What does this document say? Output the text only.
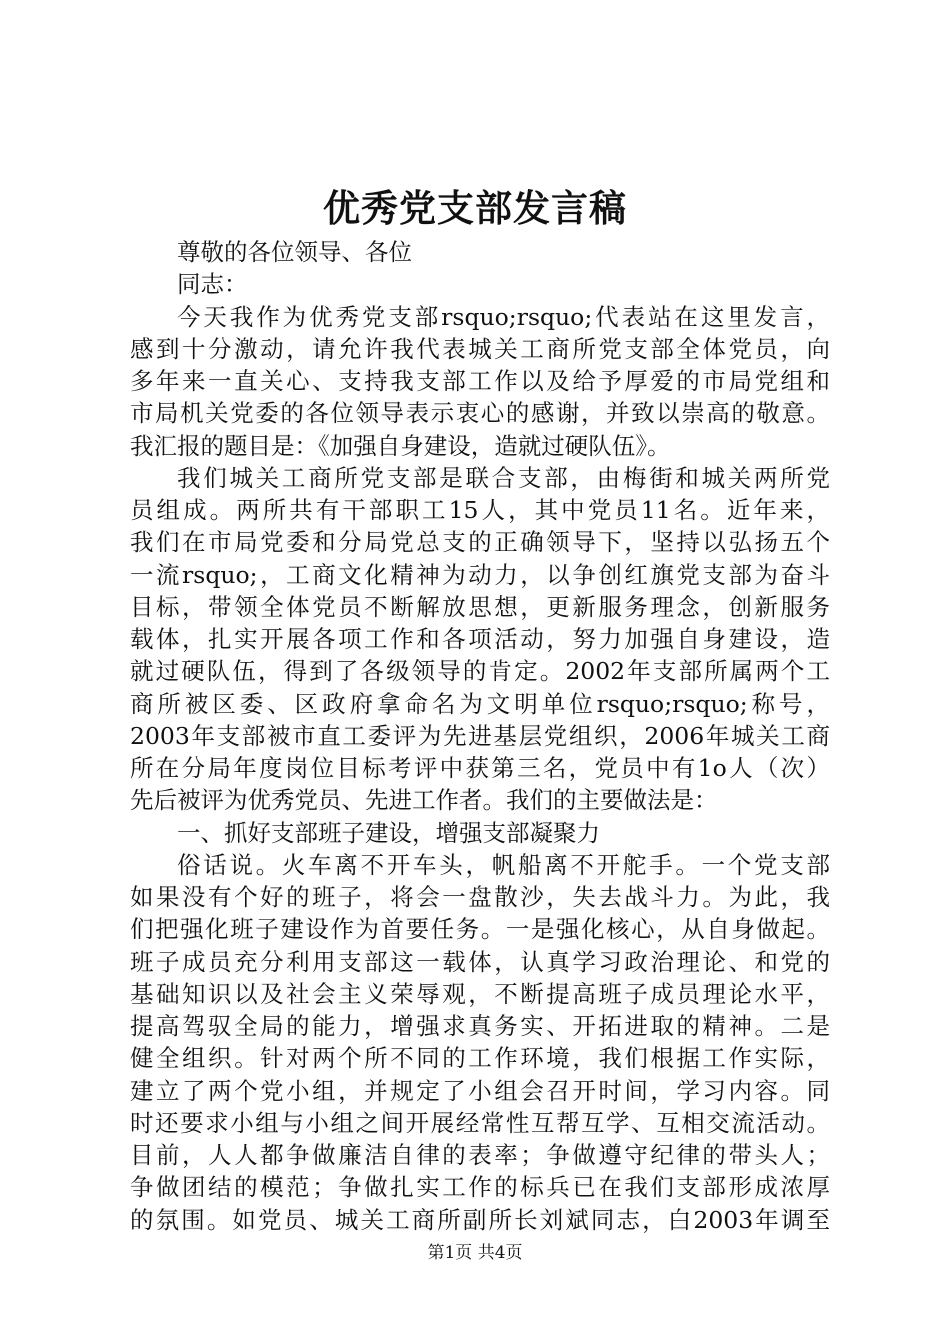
优秀党支部发言稿
尊敬的各位领导、各位
同志：
今天我作为优秀党支部rsquo;rsquo;代表站在这里发言，
感到十分激动，请允许我代表城关工商所党支部全体党员，向
多年来一直关心、支持我支部工作以及给予厚爱的市局党组和
市局机关党委的各位领导表示衷心的感谢，并致以崇高的敬意。
我汇报的题目是：《加强自身建设，造就过硬队伍》。
我们城关工商所党支部是联合支部，由梅街和城关两所党
员组成。两所共有干部职工15人，其中党员11名。近年来，
我们在市局党委和分局党总支的正确领导下，坚持以弘扬五个
一流rsquo;，工商文化精神为动力，以争创红旗党支部为奋斗
目标，带领全体党员不断解放思想，更新服务理念，创新服务
载体，扎实开展各项工作和各项活动，努力加强自身建设，造
就过硬队伍，得到了各级领导的肯定。2002年支部所属两个工
商所被区委、区政府拿命名为文明单位rsquo;rsquo;称号，
2003年支部被市直工委评为先进基层党组织，2006年城关工商
所在分局年度岗位目标考评中获第三名，党员中有1o人（次）
先后被评为优秀党员、先进工作者。我们的主要做法是：
一、抓好支部班子建设，增强支部凝聚力
俗话说。火车离不开车头，帆船离不开舵手。一个党支部
如果没有个好的班子，将会一盘散沙，失去战斗力。为此，我
们把强化班子建设作为首要任务。一是强化核心，从自身做起。
班子成员充分利用支部这一载体，认真学习政治理论、和党的
基础知识以及社会主义荣辱观，不断提高班子成员理论水平，
提高驾驭全局的能力，增强求真务实、开拓进取的精神。二是
健全组织。针对两个所不同的工作环境，我们根据工作实际，
建立了两个党小组，并规定了小组会召开时间，学习内容。同
时还要求小组与小组之间开展经常性互帮互学、互相交流活动。
目前，人人都争做廉洁自律的表率；争做遵守纪律的带头人；
争做团结的模范；争做扎实工作的标兵已在我们支部形成浓厚
的氛围。如党员、城关工商所副所长刘斌同志，白2003年调至
第1页 共4页
